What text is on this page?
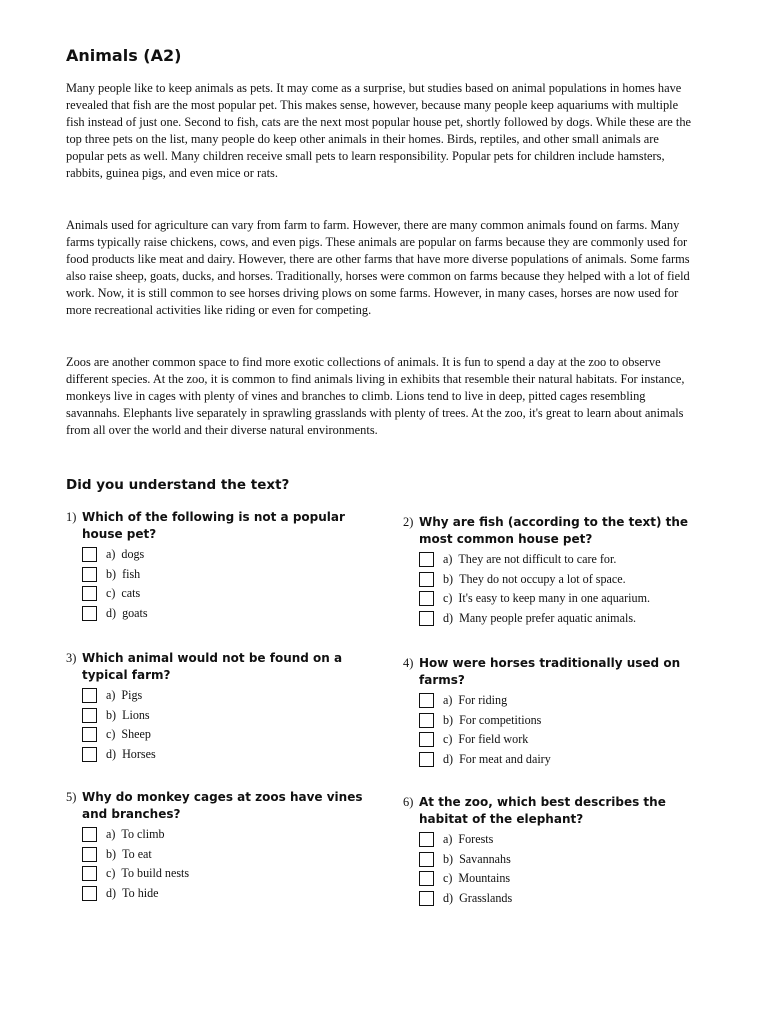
Animals (A2)

Many people like to keep animals as pets. It may come as a surprise, but studies based on animal populations in homes have revealed that fish are the most popular pet. This makes sense, however, because many people keep aquariums with multiple fish instead of just one. Second to fish, cats are the next most popular house pet, shortly followed by dogs. While these are the top three pets on the list, many people do keep other animals in their homes. Birds, reptiles, and other small animals are popular pets as well. Many children receive small pets to learn responsibility. Popular pets for children include hamsters, rabbits, guinea pigs, and even mice or rats.

Animals used for agriculture can vary from farm to farm. However, there are many common animals found on farms. Many farms typically raise chickens, cows, and even pigs. These animals are popular on farms because they are commonly used for food products like meat and dairy. However, there are other farms that have more diverse populations of animals. Some farms also raise sheep, goats, ducks, and horses. Traditionally, horses were common on farms because they helped with a lot of field work. Now, it is still common to see horses driving plows on some farms. However, in many cases, horses are now used for more recreational activities like riding or even for competing.

Zoos are another common space to find more exotic collections of animals. It is fun to spend a day at the zoo to observe different species. At the zoo, it is common to find animals living in exhibits that resemble their natural habitats. For instance, monkeys live in cages with plenty of vines and branches to climb. Lions tend to live in deep, pitted cages resembling savannahs. Elephants live separately in sprawling grasslands with plenty of trees. At the zoo, it's great to learn about animals from all over the world and their diverse natural environments.

Did you understand the text?
1) Which of the following is not a popular house pet?
a) dogs
b) fish
c) cats
d) goats
2) Why are fish (according to the text) the most common house pet?
a) They are not difficult to care for.
b) They do not occupy a lot of space.
c) It's easy to keep many in one aquarium.
d) Many people prefer aquatic animals.
3) Which animal would not be found on a typical farm?
a) Pigs
b) Lions
c) Sheep
d) Horses
4) How were horses traditionally used on farms?
a) For riding
b) For competitions
c) For field work
d) For meat and dairy
5) Why do monkey cages at zoos have vines and branches?
a) To climb
b) To eat
c) To build nests
d) To hide
6) At the zoo, which best describes the habitat of the elephant?
a) Forests
b) Savannahs
c) Mountains
d) Grasslands
